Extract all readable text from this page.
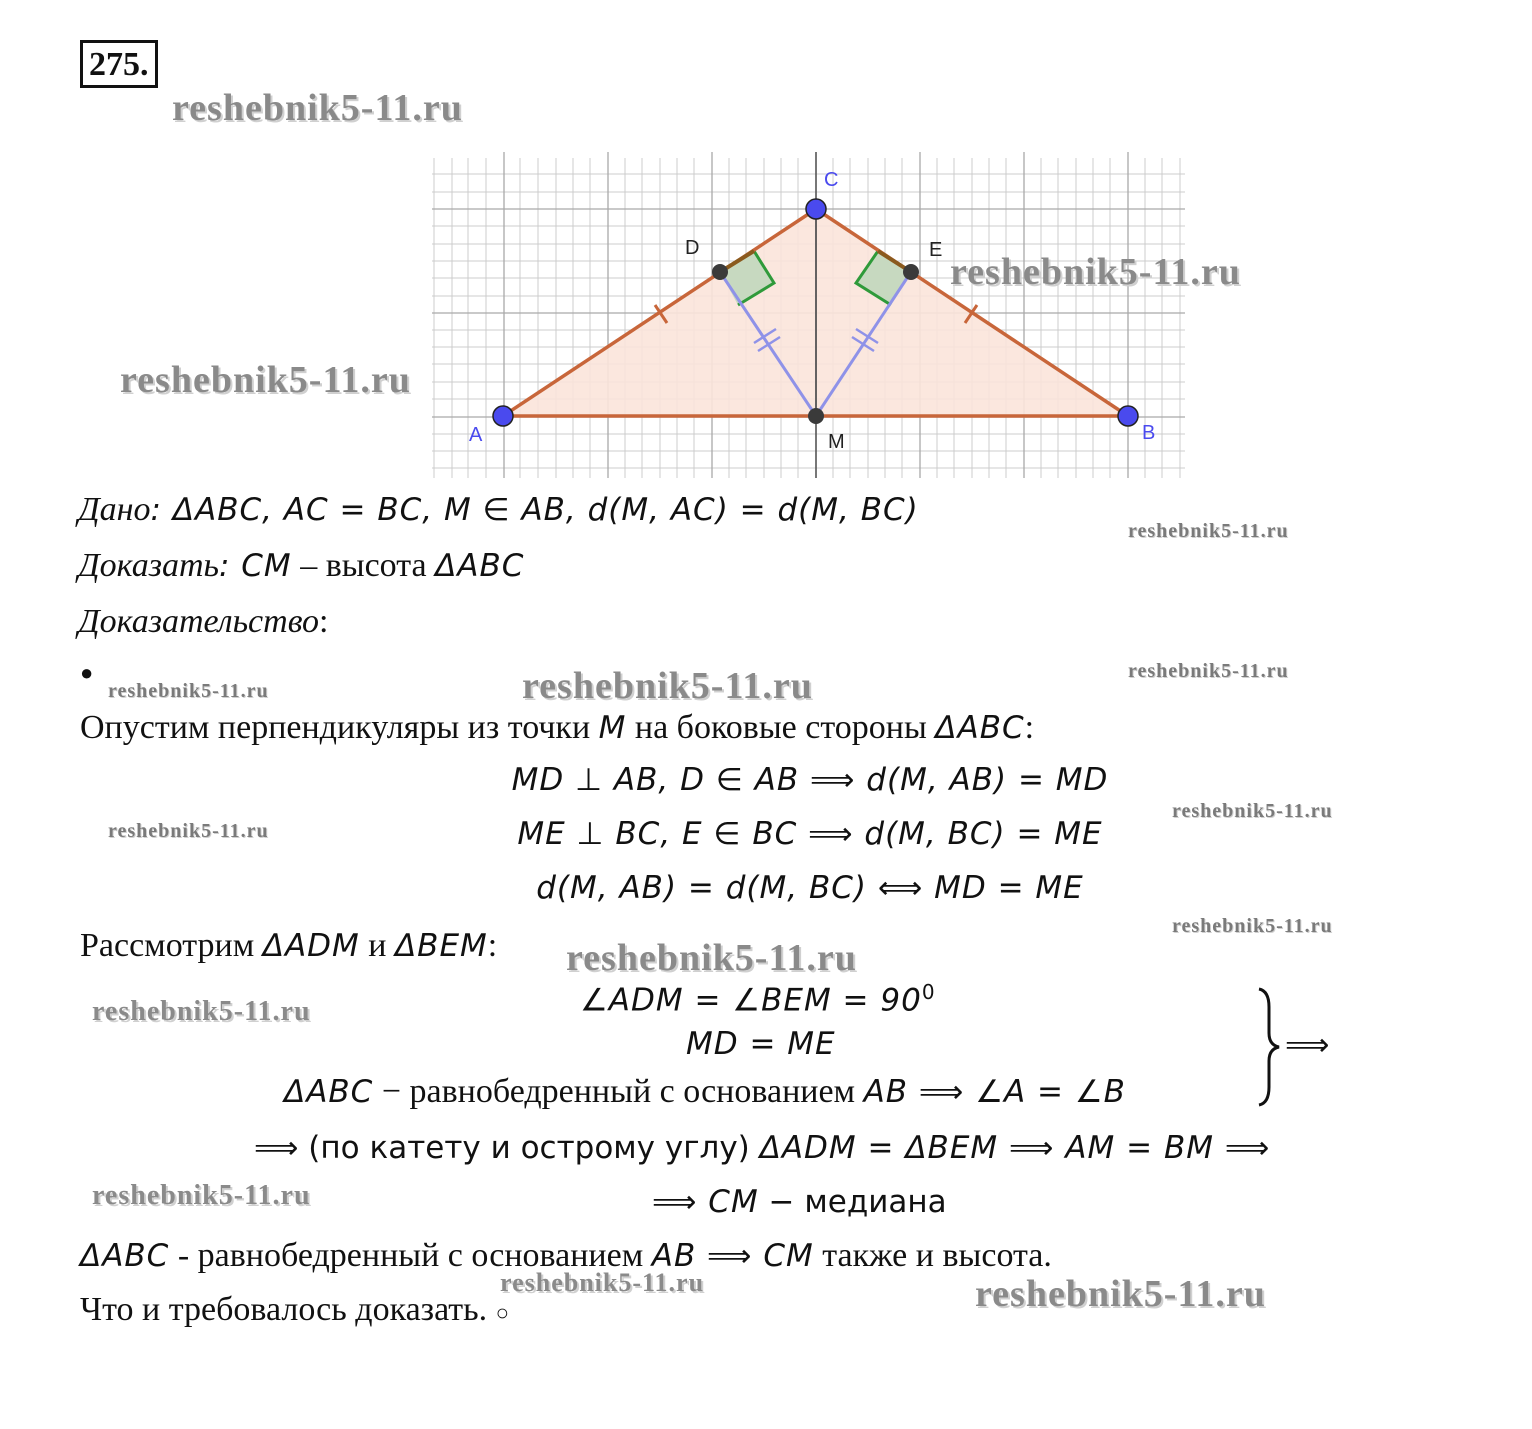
275.
A	B
C
D	E
M
reshebnik5-11.ru
reshebnik5-11.ru
reshebnik5-11.ru
reshebnik5-11.ru
reshebnik5-11.ru
reshebnik5-11.ru	reshebnik5-11.ru
reshebnik5-11.ru
reshebnik5-11.ru
reshebnik5-11.ru
reshebnik5-11.ru
reshebnik5-11.ru
reshebnik5-11.ru
reshebnik5-11.ru	reshebnik5-11.ru
Дано: ΔABC, AC = BC, M ∈ AB, d(M, AC) = d(M, BC)
Доказать: CM – высота ΔABC
Доказательство:
●
Опустим перпендикуляры из точки M на боковые стороны ΔABC:
MD ⊥ AB, D ∈ AB ⟹ d(M, AB) = MD
ME ⊥ BC, E ∈ BC ⟹ d(M, BC) = ME
d(M, AB) = d(M, BC) ⟺ MD = ME
Рассмотрим ΔADM и ΔBEM:
∠ADM = ∠BEM = $90^0$
MD = ME
ΔABC − равнобедренный с основанием AB ⟹ ∠A = ∠B
⟹
⟹ (по катету и острому углу) ΔADM = ΔBEM ⟹ AM = BM ⟹
⟹ CM − медиана
ΔABC - равнобедренный с основанием AB ⟹ CM также и высота.
Что и требовалось доказать. ○
